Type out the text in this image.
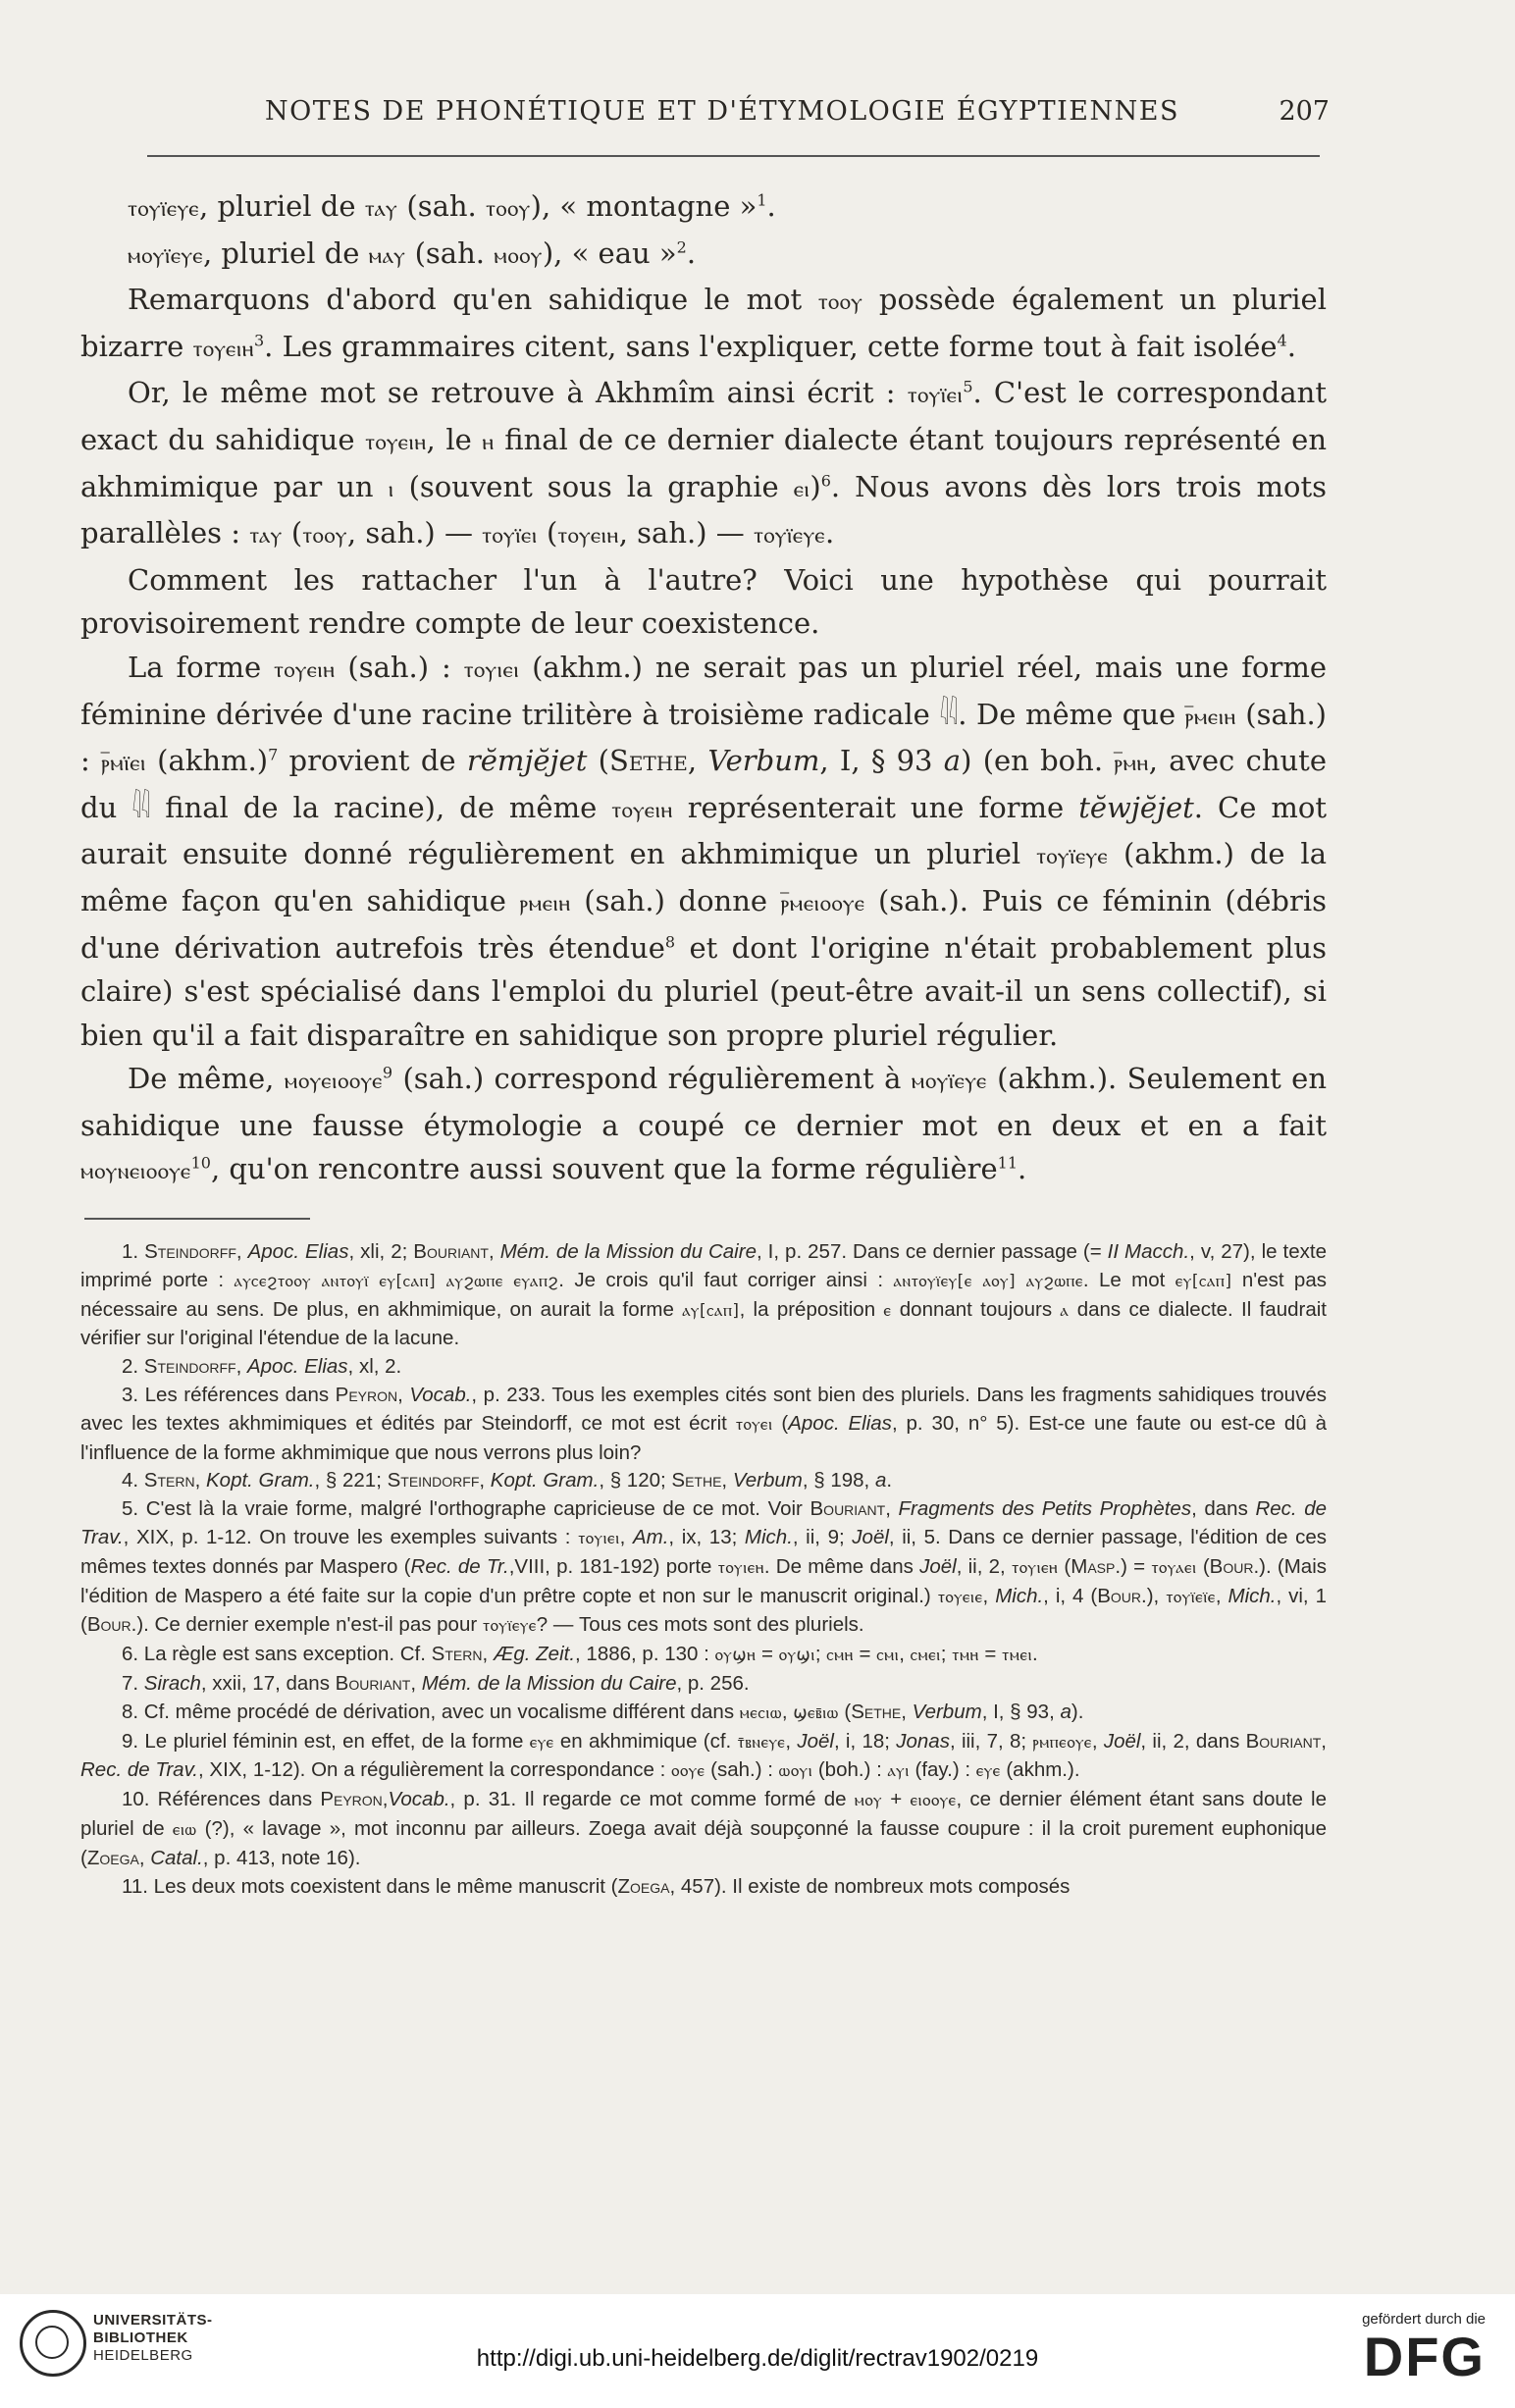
NOTES DE PHONÉTIQUE ET D'ÉTYMOLOGIE ÉGYPTIENNES	207

ⲧⲟⲩⲓ̈ⲉⲩⲉ, pluriel de ⲧⲁⲩ (sah. ⲧⲟⲟⲩ), « montagne »$^1$.

ⲙⲟⲩⲓ̈ⲉⲩⲉ, pluriel de ⲙⲁⲩ (sah. ⲙⲟⲟⲩ), « eau »$^2$.

Remarquons d'abord qu'en sahidique le mot ⲧⲟⲟⲩ possède également un pluriel bizarre ⲧⲟⲩⲉⲓⲏ$^3$. Les grammaires citent, sans l'expliquer, cette forme tout à fait isolée$^4$.

Or, le même mot se retrouve à Akhmîm ainsi écrit : ⲧⲟⲩⲓ̈ⲉⲓ$^5$. C'est le correspondant exact du sahidique ⲧⲟⲩⲉⲓⲏ, le ⲏ final de ce dernier dialecte étant toujours représenté en akhmimique par un ⲓ (souvent sous la graphie ⲉⲓ)$^6$. Nous avons dès lors trois mots parallèles : ⲧⲁⲩ (ⲧⲟⲟⲩ, sah.) — ⲧⲟⲩⲓ̈ⲉⲓ (ⲧⲟⲩⲉⲓⲏ, sah.) — ⲧⲟⲩⲓ̈ⲉⲩⲉ.

Comment les rattacher l'un à l'autre? Voici une hypothèse qui pourrait provisoirement rendre compte de leur coexistence.

La forme ⲧⲟⲩⲉⲓⲏ (sah.) : ⲧⲟⲩⲓⲉⲓ (akhm.) ne serait pas un pluriel réel, mais une forme féminine dérivée d'une racine trilitère à troisième radicale 𓇌. De même que ⲣ̅ⲙⲉⲓⲏ (sah.) : ⲣ̅ⲙⲓ̈ⲉⲓ (akhm.)$^7$ provient de rĕmjĕjet (Sethe, Verbum, I, § 93 a) (en boh. ⲣ̅ⲙⲏ, avec chute du 𓇌 final de la racine), de même ⲧⲟⲩⲉⲓⲏ représenterait une forme tĕwjĕjet. Ce mot aurait ensuite donné régulièrement en akhmimique un pluriel ⲧⲟⲩⲓ̈ⲉⲩⲉ (akhm.) de la même façon qu'en sahidique ⲣⲙⲉⲓⲏ (sah.) donne ⲣ̅ⲙⲉⲓⲟⲟⲩⲉ (sah.). Puis ce féminin (débris d'une dérivation autrefois très étendue$^8$ et dont l'origine n'était probablement plus claire) s'est spécialisé dans l'emploi du pluriel (peut-être avait-il un sens collectif), si bien qu'il a fait disparaître en sahidique son propre pluriel régulier.

De même, ⲙⲟⲩⲉⲓⲟⲟⲩⲉ$^9$ (sah.) correspond régulièrement à ⲙⲟⲩⲓ̈ⲉⲩⲉ (akhm.). Seulement en sahidique une fausse étymologie a coupé ce dernier mot en deux et en a fait ⲙⲟⲩⲛⲉⲓⲟⲟⲩⲉ$^{10}$, qu'on rencontre aussi souvent que la forme régulière$^{11}$.

1. Steindorff, Apoc. Elias, xli, 2; Bouriant, Mém. de la Mission du Caire, I, p. 257. Dans ce dernier passage (= II Macch., v, 27), le texte imprimé porte : ⲁⲩⲥⲉϩⲧⲟⲟⲩ ⲁⲛⲧⲟⲩⲓ̈ ⲉⲩ[ⲥⲁⲡ] ⲁⲩϩⲱⲡⲉ ⲉⲩⲁⲡϩ. Je crois qu'il faut corriger ainsi : ⲁⲛⲧⲟⲩⲓ̈ⲉⲩ[ⲉ ⲁⲟⲩ] ⲁⲩϩⲱⲡⲉ. Le mot ⲉⲩ[ⲥⲁⲡ] n'est pas nécessaire au sens. De plus, en akhmimique, on aurait la forme ⲁⲩ[ⲥⲁⲡ], la préposition ⲉ donnant toujours ⲁ dans ce dialecte. Il faudrait vérifier sur l'original l'étendue de la lacune.

2. Steindorff, Apoc. Elias, xl, 2.

3. Les références dans Peyron, Vocab., p. 233. Tous les exemples cités sont bien des pluriels. Dans les fragments sahidiques trouvés avec les textes akhmimiques et édités par Steindorff, ce mot est écrit ⲧⲟⲩⲉⲓ (Apoc. Elias, p. 30, n° 5). Est-ce une faute ou est-ce dû à l'influence de la forme akhmimique que nous verrons plus loin?

4. Stern, Kopt. Gram., § 221; Steindorff, Kopt. Gram., § 120; Sethe, Verbum, § 198, a.

5. C'est là la vraie forme, malgré l'orthographe capricieuse de ce mot. Voir Bouriant, Fragments des Petits Prophètes, dans Rec. de Trav., XIX, p. 1-12. On trouve les exemples suivants : ⲧⲟⲩⲓⲉⲓ, Am., ix, 13; Mich., ii, 9; Joël, ii, 5. Dans ce dernier passage, l'édition de ces mêmes textes donnés par Maspero (Rec. de Tr.,VIII, p. 181-192) porte ⲧⲟⲩⲓⲉⲏ. De même dans Joël, ii, 2, ⲧⲟⲩⲓⲉⲏ (Masp.) = ⲧⲟⲩⲁⲉⲓ (Bour.). (Mais l'édition de Maspero a été faite sur la copie d'un prêtre copte et non sur le manuscrit original.) ⲧⲟⲩⲉⲓⲉ, Mich., i, 4 (Bour.), ⲧⲟⲩⲓ̈ⲉⲓ̈ⲉ, Mich., vi, 1 (Bour.). Ce dernier exemple n'est-il pas pour ⲧⲟⲩⲓ̈ⲉⲩⲉ? — Tous ces mots sont des pluriels.

6. La règle est sans exception. Cf. Stern, Æg. Zeit., 1886, p. 130 : ⲟⲩϣⲏ = ⲟⲩϣⲓ; ⲥⲙⲏ = ⲥⲙⲓ, ⲥⲙⲉⲓ; ⲧⲙⲏ = ⲧⲙⲉⲓ.

7. Sirach, xxii, 17, dans Bouriant, Mém. de la Mission du Caire, p. 256.

8. Cf. même procédé de dérivation, avec un vocalisme différent dans ⲙⲉⲥⲓⲱ, ϣⲉⲃ̄ⲓⲱ (Sethe, Verbum, I, § 93, a).

9. Le pluriel féminin est, en effet, de la forme ⲉⲩⲉ en akhmimique (cf. ⲧ̄ⲃⲛⲉⲩⲉ, Joël, i, 18; Jonas, iii, 7, 8; ⲣⲙⲡⲉⲟⲩⲉ, Joël, ii, 2, dans Bouriant, Rec. de Trav., XIX, 1-12). On a régulièrement la correspondance : ⲟⲟⲩⲉ (sah.) : ⲱⲟⲩⲓ (boh.) : ⲁⲩⲓ (fay.) : ⲉⲩⲉ (akhm.).

10. Références dans Peyron,Vocab., p. 31. Il regarde ce mot comme formé de ⲙⲟⲩ + ⲉⲓⲟⲟⲩⲉ, ce dernier élément étant sans doute le pluriel de ⲉⲓⲱ (?), « lavage », mot inconnu par ailleurs. Zoega avait déjà soupçonné la fausse coupure : il la croit purement euphonique (Zoega, Catal., p. 413, note 16).

11. Les deux mots coexistent dans le même manuscrit (Zoega, 457). Il existe de nombreux mots composés

UNIVERSITÄTS-
BIBLIOTHEK
HEIDELBERG	http://digi.ub.uni-heidelberg.de/diglit/rectrav1902/0219
gefördert durch die
DFG
